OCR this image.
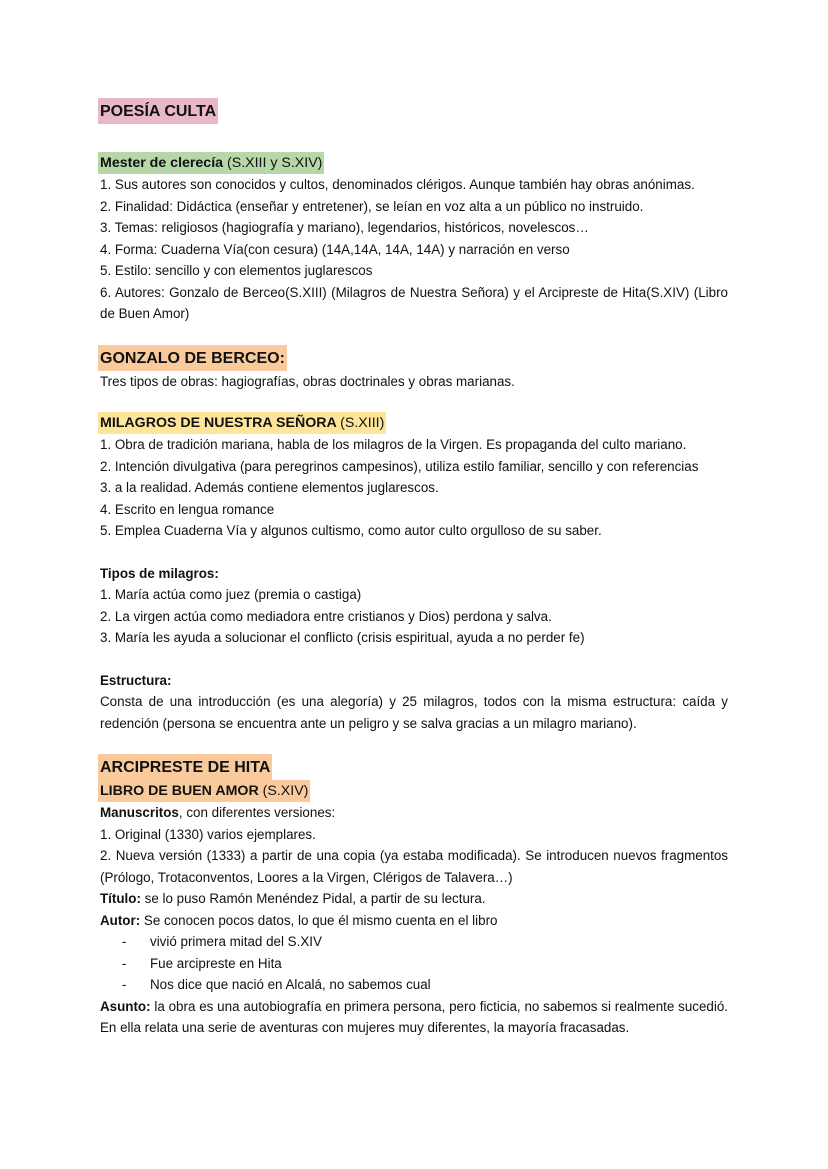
POESÍA CULTA
Mester de clerecía (S.XIII y S.XIV)

1. Sus autores son conocidos y cultos, denominados clérigos. Aunque también hay obras anónimas.

2. Finalidad: Didáctica (enseñar y entretener), se leían en voz alta a un público no instruido.

3. Temas: religiosos (hagiografía y mariano), legendarios, históricos, novelescos…

4. Forma: Cuaderna Vía(con cesura) (14A,14A, 14A, 14A) y narración en verso

5. Estilo: sencillo y con elementos juglarescos

6. Autores: Gonzalo de Berceo(S.XIII) (Milagros de Nuestra Señora) y el Arcipreste de Hita(S.XIV) (Libro de Buen Amor)

GONZALO DE BERCEO:

Tres tipos de obras: hagiografías, obras doctrinales y obras marianas.

MILAGROS DE NUESTRA SEÑORA (S.XIII)

1. Obra de tradición mariana, habla de los milagros de la Virgen. Es propaganda del culto mariano.

2. Intención divulgativa (para peregrinos campesinos), utiliza estilo familiar, sencillo y con referencias

3. a la realidad. Además contiene elementos juglarescos.

4. Escrito en lengua romance

5. Emplea Cuaderna Vía y algunos cultismo, como autor culto orgulloso de su saber.

Tipos de milagros:

1. María actúa como juez (premia o castiga)

2. La virgen actúa como mediadora entre cristianos y Dios) perdona y salva.

3. María les ayuda a solucionar el conflicto (crisis espiritual, ayuda a no perder fe)

Estructura:

Consta de una introducción (es una alegoría) y 25 milagros, todos con la misma estructura: caída y redención (persona se encuentra ante un peligro y se salva gracias a un milagro mariano).

ARCIPRESTE DE HITA
LIBRO DE BUEN AMOR (S.XIV)

Manuscritos, con diferentes versiones:

1. Original (1330) varios ejemplares.

2. Nueva versión (1333) a partir de una copia (ya estaba modificada). Se introducen nuevos fragmentos (Prólogo, Trotaconventos, Loores a la Virgen, Clérigos de Talavera…)

Título: se lo puso Ramón Menéndez Pidal, a partir de su lectura.

Autor: Se conocen pocos datos, lo que él mismo cuenta en el libro

-	vivió primera mitad del S.XIV
-	Fue arcipreste en Hita
-	Nos dice que nació en Alcalá, no sabemos cual

Asunto: la obra es una autobiografía en primera persona, pero ficticia, no sabemos si realmente sucedió. En ella relata una serie de aventuras con mujeres muy diferentes, la mayoría fracasadas.
